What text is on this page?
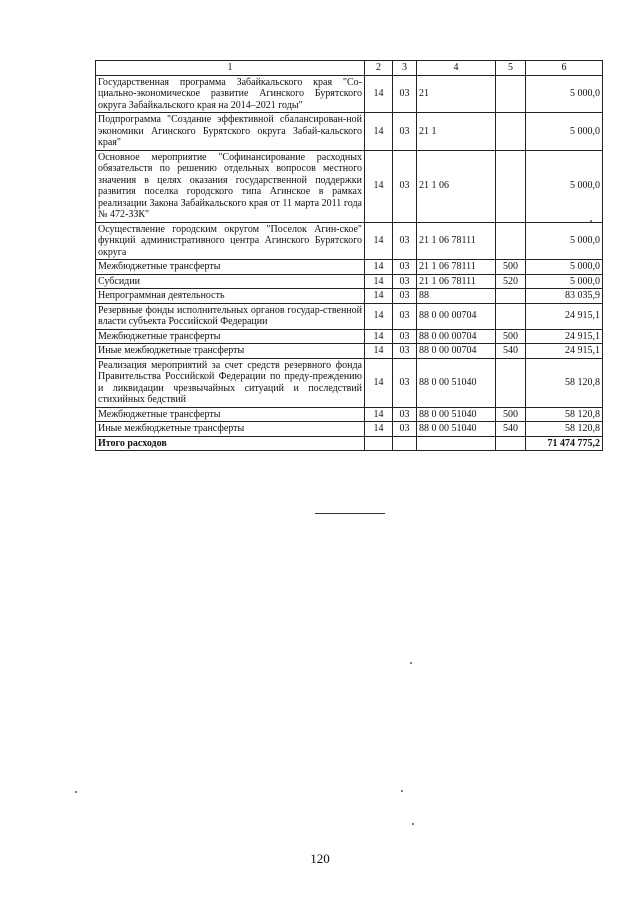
1	2	3	4	5	6
Государственная программа Забайкальского края "Со-циально-экономическое развитие Агинского Бурятского округа Забайкальского края на 2014–2021 годы"	14	03	21		5 000,0
Подпрограмма "Создание эффективной сбалансирован-ной экономики Агинского Бурятского округа Забай-кальского края"	14	03	21 1		5 000,0
Основное мероприятие "Софинансирование расходных обязательств по решению отдельных вопросов местного значения в целях оказания государственной поддержки развития поселка городского типа Агинское в рамках реализации Закона Забайкальского края от 11 марта 2011 года № 472-ЗЗК"	14	03	21 1 06		5 000,0
Осуществление городским округом "Поселок Агин-ское" функций административного центра Агинского Бурятского округа	14	03	21 1 06 78111		5 000,0
Межбюджетные трансферты	14	03	21 1 06 78111	500	5 000,0
Субсидии	14	03	21 1 06 78111	520	5 000,0
Непрограммная деятельность	14	03	88		83 035,9
Резервные фонды исполнительных органов государ-ственной власти субъекта Российской Федерации	14	03	88 0 00 00704		24 915,1
Межбюджетные трансферты	14	03	88 0 00 00704	500	24 915,1
Иные межбюджетные трансферты	14	03	88 0 00 00704	540	24 915,1
Реализация мероприятий за счет средств резервного фонда Правительства Российской Федерации по преду-преждению и ликвидации чрезвычайных ситуаций и последствий стихийных бедствий	14	03	88 0 00 51040		58 120,8
Межбюджетные трансферты	14	03	88 0 00 51040	500	58 120,8
Иные межбюджетные трансферты	14	03	88 0 00 51040	540	58 120,8
Итого расходов					71 474 775,2
120
